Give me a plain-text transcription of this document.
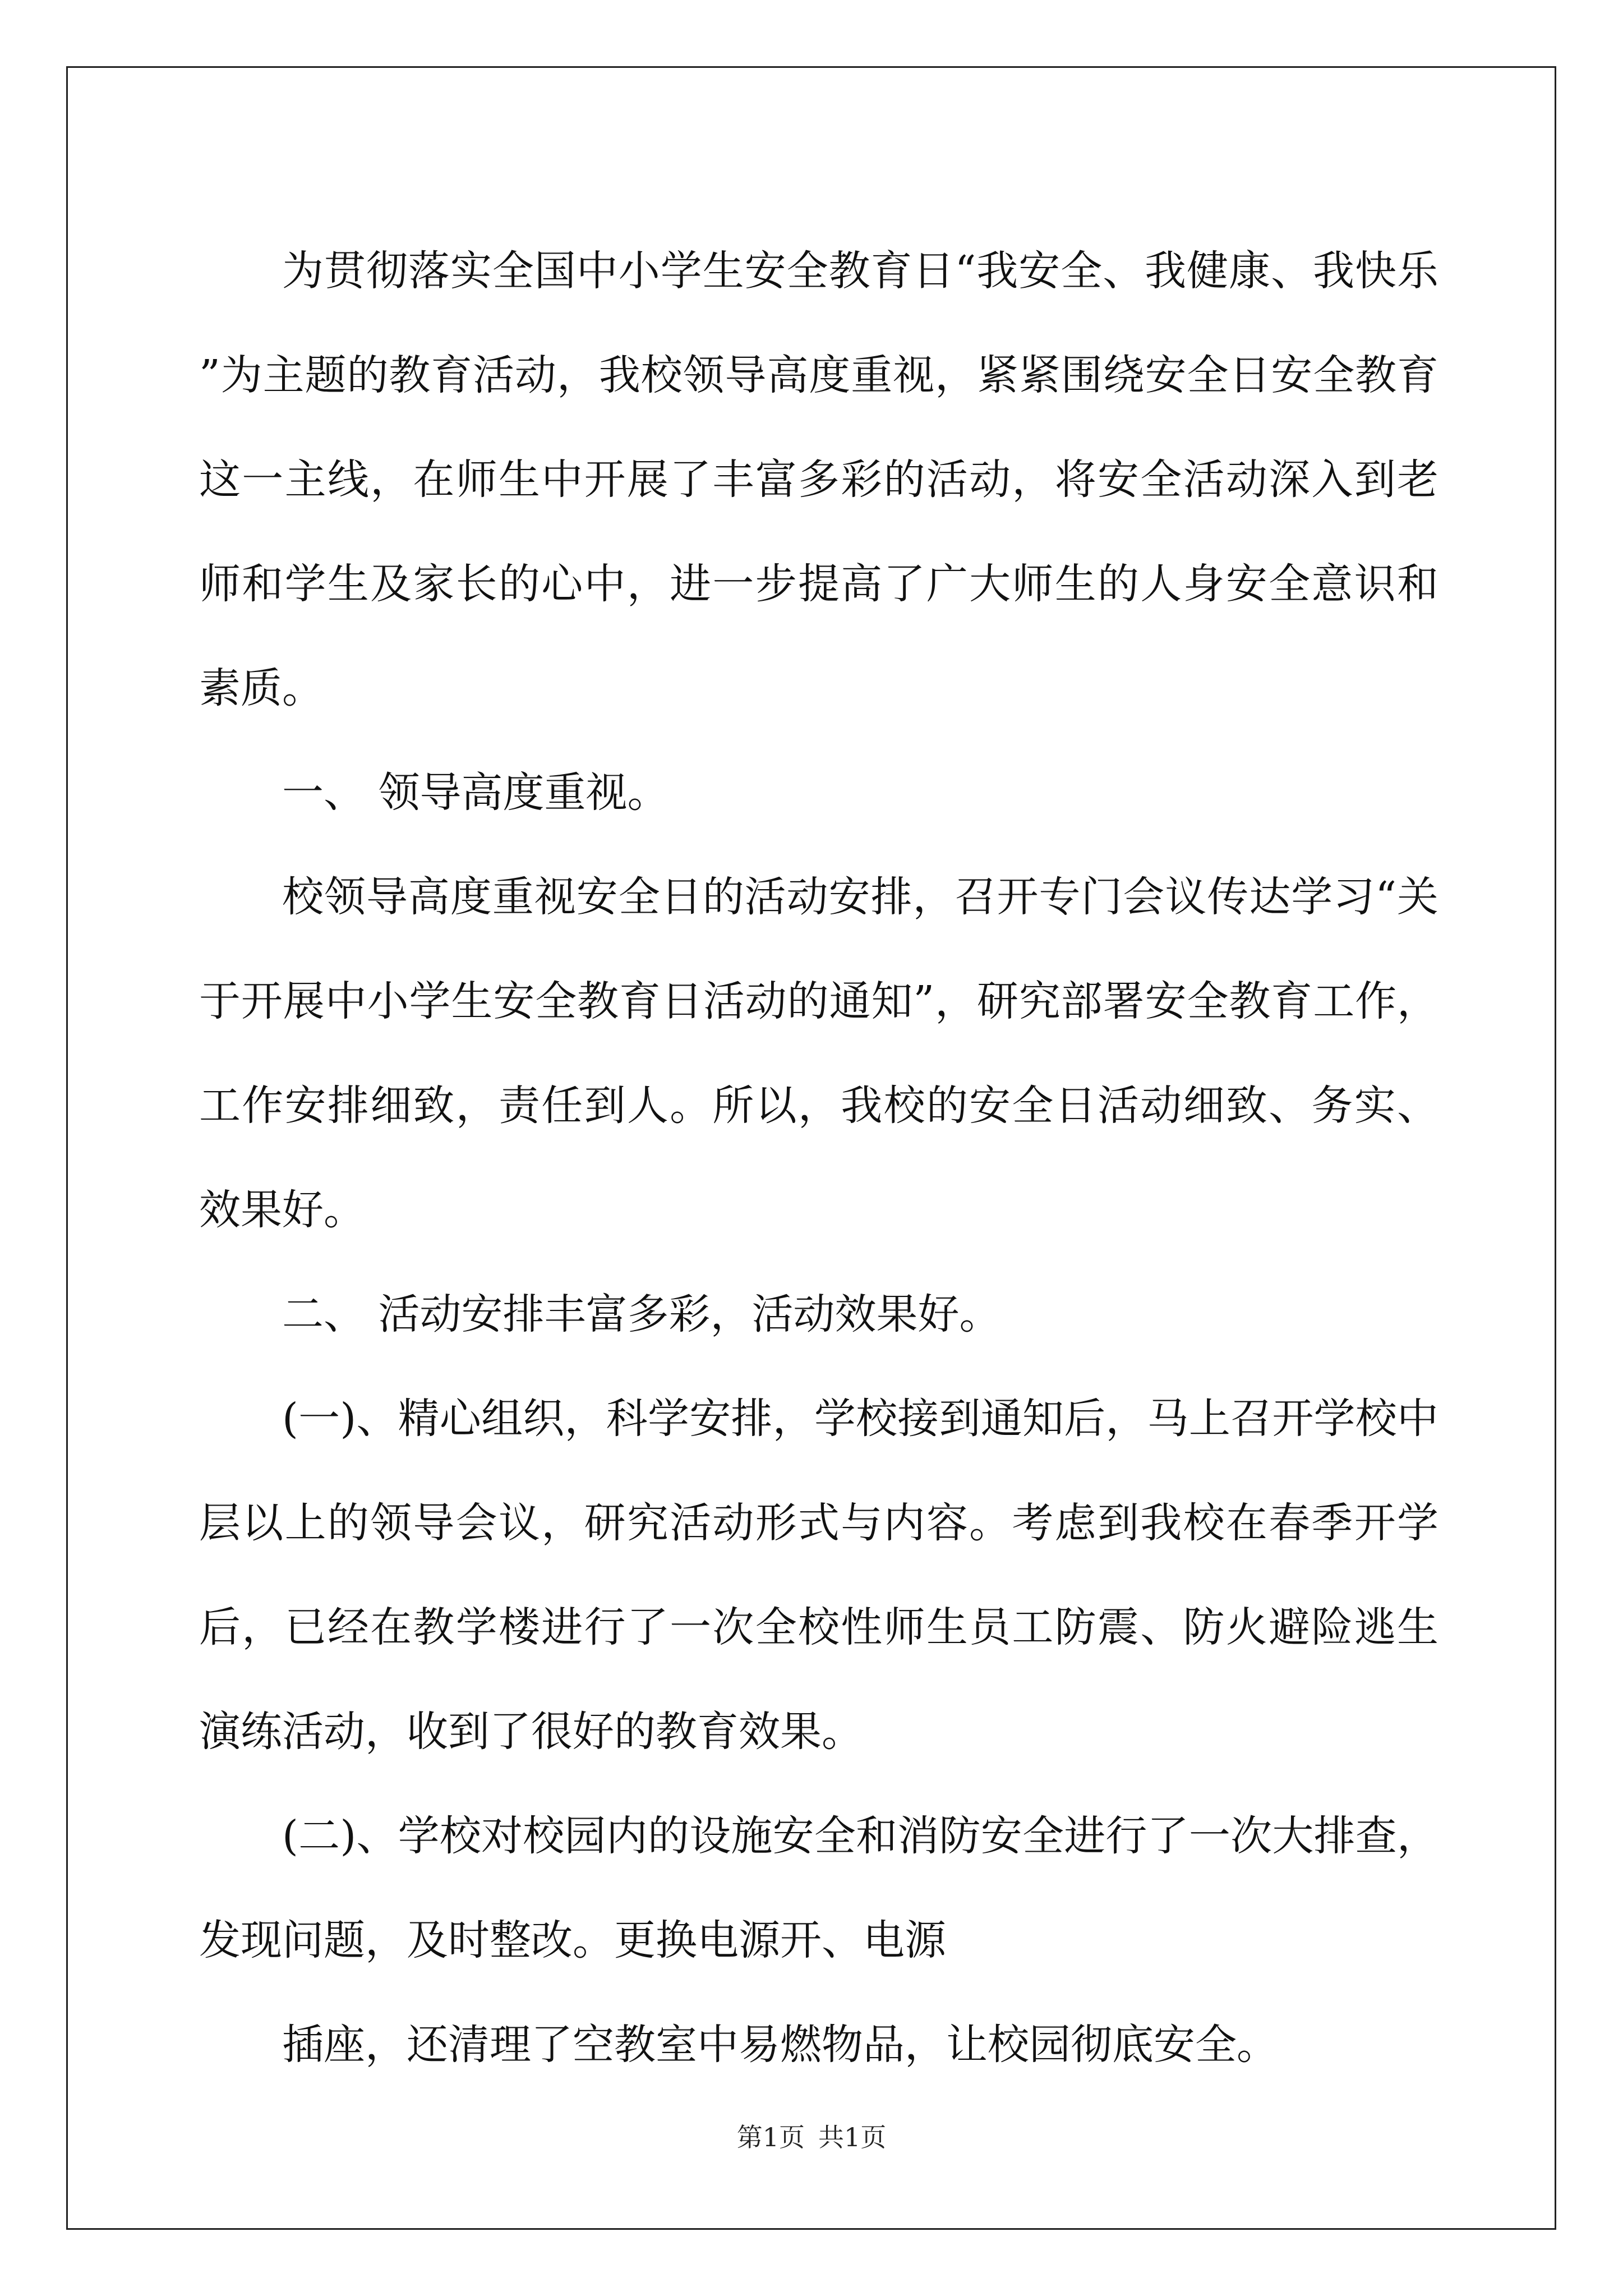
为贯彻落实全国中小学生安全教育日“我安全、我健康、我快乐”为主题的教育活动，我校领导高度重视，紧紧围绕安全日安全教育这一主线，在师生中开展了丰富多彩的活动，将安全活动深入到老师和学生及家长的心中，进一步提高了广大师生的人身安全意识和素质。

一、 领导高度重视。

校领导高度重视安全日的活动安排，召开专门会议传达学习“关于开展中小学生安全教育日活动的通知”，研究部署安全教育工作，工作安排细致，责任到人。所以，我校的安全日活动细致、务实、效果好。

二、 活动安排丰富多彩，活动效果好。

(一)、精心组织，科学安排，学校接到通知后，马上召开学校中层以上的领导会议，研究活动形式与内容。考虑到我校在春季开学后，已经在教学楼进行了一次全校性师生员工防震、防火避险逃生演练活动，收到了很好的教育效果。

(二)、学校对校园内的设施安全和消防安全进行了一次大排查，发现问题，及时整改。更换电源开、电源

插座，还清理了空教室中易燃物品，让校园彻底安全。

第1页 共1页
